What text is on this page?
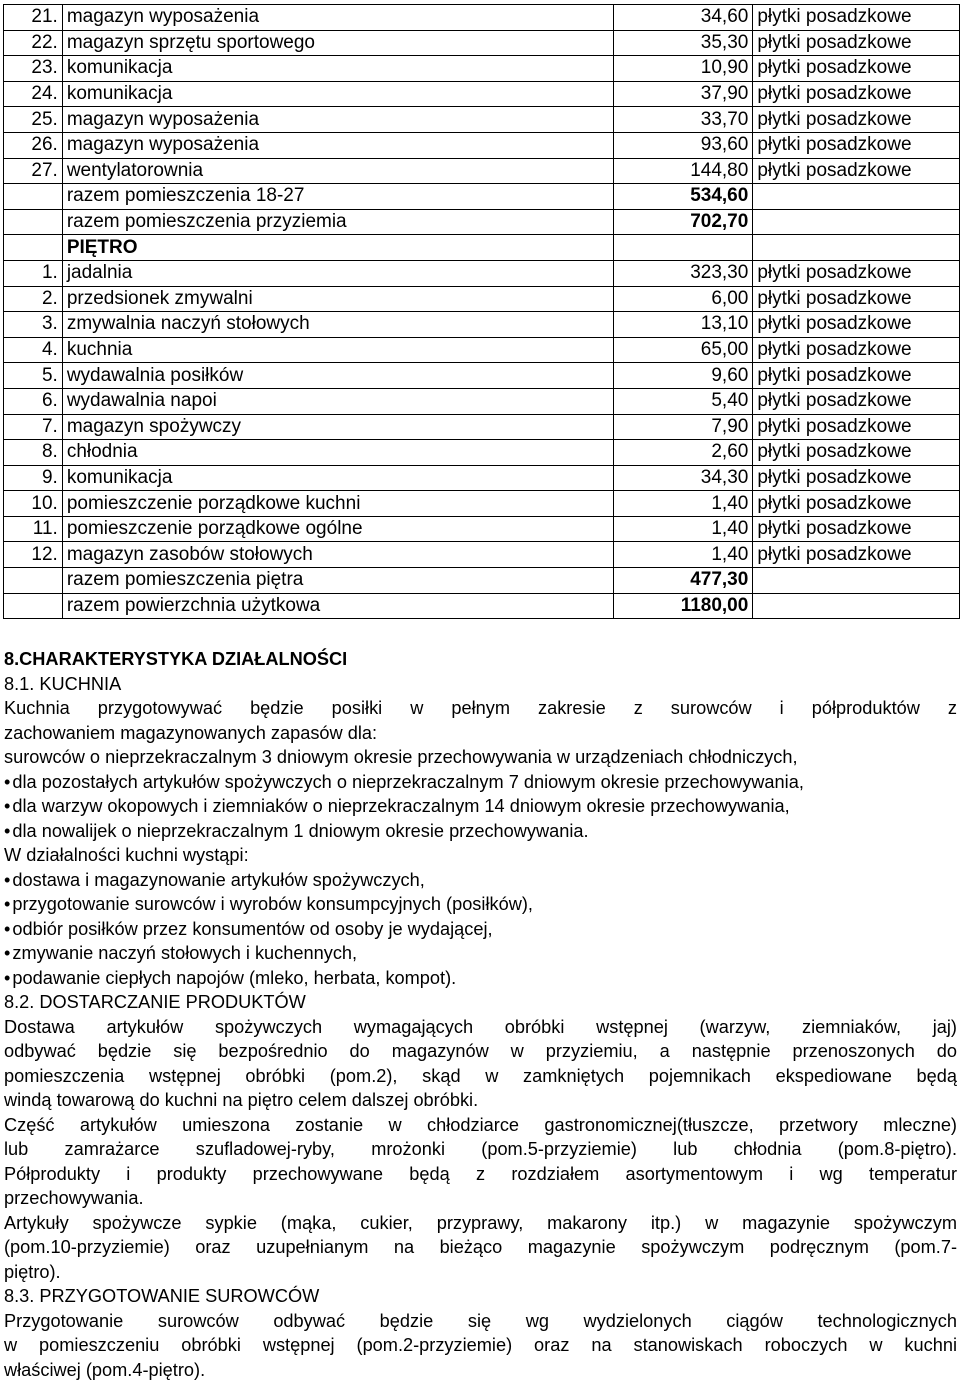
21.	magazyn wyposażenia	34,60	płytki posadzkowe
22.	magazyn sprzętu sportowego	35,30	płytki posadzkowe
23.	komunikacja	10,90	płytki posadzkowe
24.	komunikacja	37,90	płytki posadzkowe
25.	magazyn wyposażenia	33,70	płytki posadzkowe
26.	magazyn wyposażenia	93,60	płytki posadzkowe
27.	wentylatorownia	144,80	płytki posadzkowe
	razem pomieszczenia 18-27	534,60	
	razem pomieszczenia przyziemia	702,70	
	PIĘTRO		
1.	jadalnia	323,30	płytki posadzkowe
2.	przedsionek zmywalni	6,00	płytki posadzkowe
3.	zmywalnia naczyń stołowych	13,10	płytki posadzkowe
4.	kuchnia	65,00	płytki posadzkowe
5.	wydawalnia posiłków	9,60	płytki posadzkowe
6.	wydawalnia napoi	5,40	płytki posadzkowe
7.	magazyn spożywczy	7,90	płytki posadzkowe
8.	chłodnia	2,60	płytki posadzkowe
9.	komunikacja	34,30	płytki posadzkowe
10.	pomieszczenie porządkowe kuchni	1,40	płytki posadzkowe
11.	pomieszczenie porządkowe ogólne	1,40	płytki posadzkowe
12.	magazyn zasobów stołowych	1,40	płytki posadzkowe
	razem pomieszczenia piętra	477,30	
	razem powierzchnia użytkowa	1180,00	
8.CHARAKTERYSTYKA DZIAŁALNOŚCI
8.1. KUCHNIA
Kuchnia przygotowywać będzie posiłki w pełnym zakresie z surowców i półproduktów z
zachowaniem magazynowanych zapasów dla:
surowców o nieprzekraczalnym 3 dniowym okresie przechowywania w urządzeniach chłodniczych,
• dla pozostałych artykułów spożywczych o nieprzekraczalnym 7 dniowym okresie przechowywania,
• dla warzyw okopowych i ziemniaków o nieprzekraczalnym 14 dniowym okresie przechowywania,
• dla nowalijek o nieprzekraczalnym 1 dniowym okresie przechowywania.
W działalności kuchni wystąpi:
• dostawa i magazynowanie artykułów spożywczych,
• przygotowanie surowców i wyrobów konsumpcyjnych (posiłków),
• odbiór posiłków przez konsumentów od osoby je wydającej,
• zmywanie naczyń stołowych i kuchennych,
• podawanie ciepłych napojów (mleko, herbata, kompot).
8.2. DOSTARCZANIE PRODUKTÓW
Dostawa artykułów spożywczych wymagających obróbki wstępnej (warzyw, ziemniaków, jaj)
odbywać będzie się bezpośrednio do magazynów w przyziemiu, a następnie przenoszonych do
pomieszczenia wstępnej obróbki (pom.2), skąd w zamkniętych pojemnikach ekspediowane będą
windą towarową do kuchni na piętro celem dalszej obróbki.
Część artykułów umieszona zostanie w chłodziarce gastronomicznej(tłuszcze, przetwory mleczne)
lub zamrażarce szufladowej-ryby, mrożonki (pom.5-przyziemie) lub chłodnia (pom.8-piętro).
Półprodukty i produkty przechowywane będą z rozdziałem asortymentowym i wg temperatur
przechowywania.
Artykuły spożywcze sypkie (mąka, cukier, przyprawy, makarony itp.) w magazynie spożywczym
(pom.10-przyziemie) oraz uzupełnianym na bieżąco magazynie spożywczym podręcznym (pom.7-
piętro).
8.3. PRZYGOTOWANIE SUROWCÓW
Przygotowanie surowców odbywać będzie się wg wydzielonych ciągów technologicznych
w pomieszczeniu obróbki wstępnej (pom.2-przyziemie) oraz na stanowiskach roboczych w kuchni
właściwej (pom.4-piętro).
